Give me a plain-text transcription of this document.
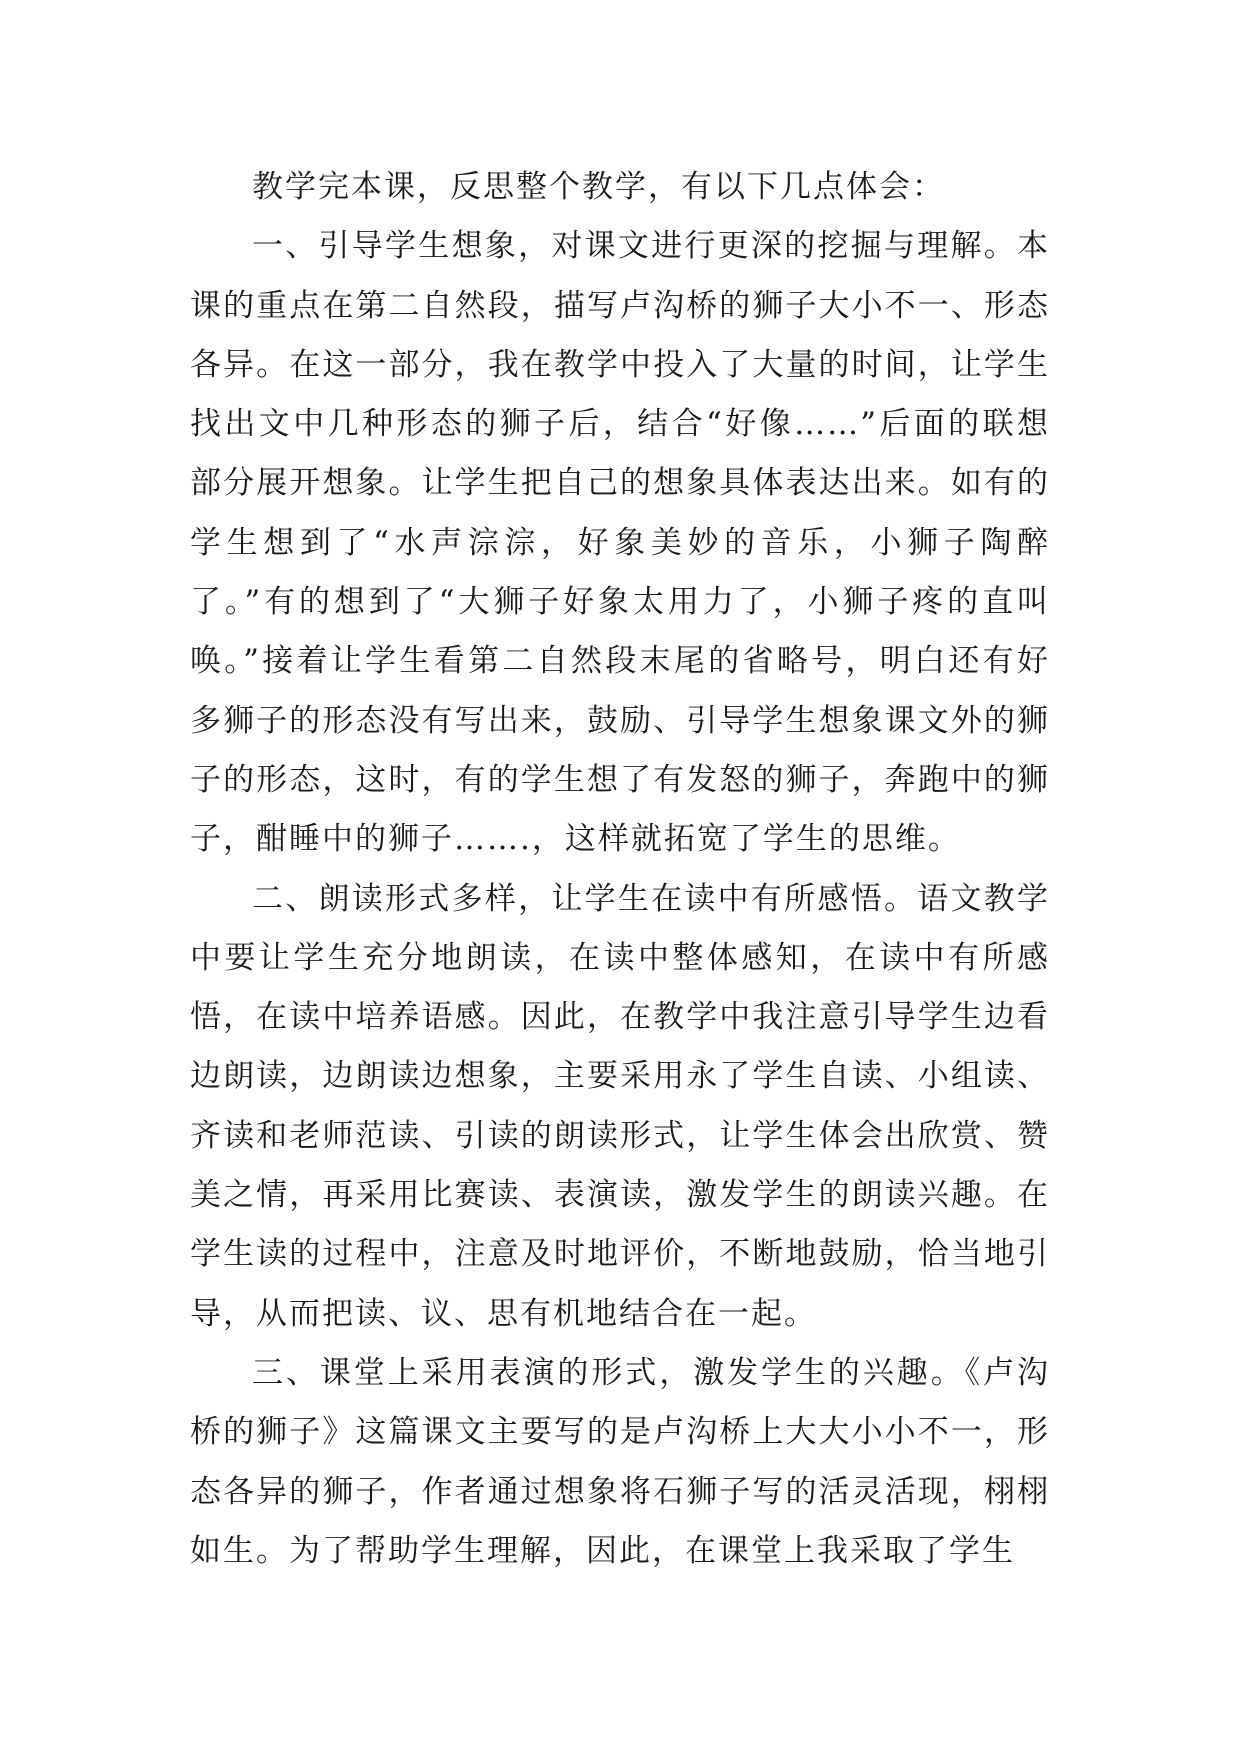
教学完本课，反思整个教学，有以下几点体会：

一、引导学生想象，对课文进行更深的挖掘与理解。本课的重点在第二自然段，描写卢沟桥的狮子大小不一、形态各异。在这一部分，我在教学中投入了大量的时间，让学生找出文中几种形态的狮子后，结合“好像……”后面的联想部分展开想象。让学生把自己的想象具体表达出来。如有的学生想到了“水声淙淙，好象美妙的音乐，小狮子陶醉了。”有的想到了“大狮子好象太用力了，小狮子疼的直叫唤。”接着让学生看第二自然段末尾的省略号，明白还有好多狮子的形态没有写出来，鼓励、引导学生想象课文外的狮子的形态，这时，有的学生想了有发怒的狮子，奔跑中的狮子，酣睡中的狮子…….，这样就拓宽了学生的思维。

二、朗读形式多样，让学生在读中有所感悟。语文教学中要让学生充分地朗读，在读中整体感知，在读中有所感悟，在读中培养语感。因此，在教学中我注意引导学生边看边朗读，边朗读边想象，主要采用永了学生自读、小组读、齐读和老师范读、引读的朗读形式，让学生体会出欣赏、赞美之情，再采用比赛读、表演读，激发学生的朗读兴趣。在学生读的过程中，注意及时地评价，不断地鼓励，恰当地引导，从而把读、议、思有机地结合在一起。

三、课堂上采用表演的形式，激发学生的兴趣。《卢沟桥的狮子》这篇课文主要写的是卢沟桥上大大小小不一，形态各异的狮子，作者通过想象将石狮子写的活灵活现，栩栩如生。为了帮助学生理解，因此，在课堂上我采取了学生
